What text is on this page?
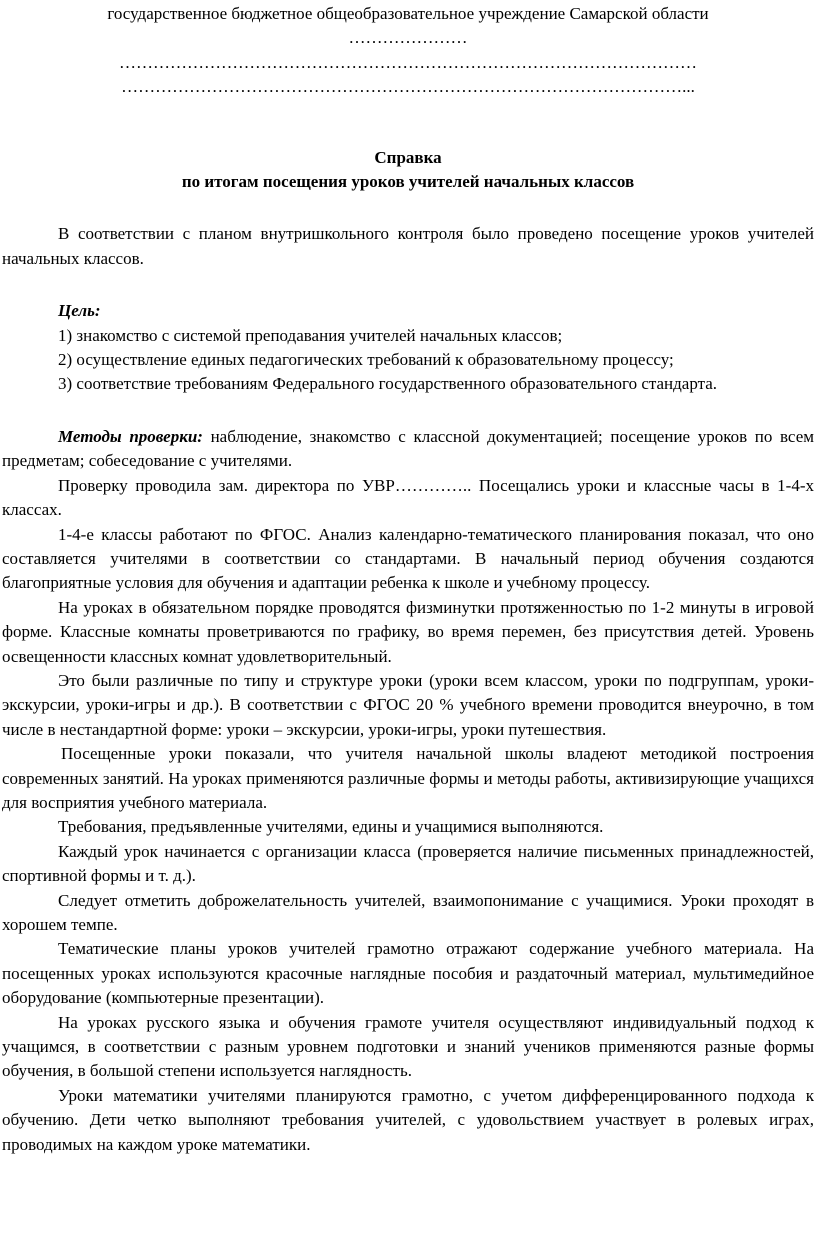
государственное бюджетное общеобразовательное учреждение Самарской области

…………………

…………………………………………………………………………………………

………………………………………………………………………………………...

Справка

по итогам посещения уроков учителей начальных классов

В соответствии с планом внутришкольного контроля было проведено посещение уроков учителей начальных классов.

Цель:

1) знакомство с системой преподавания учителей начальных классов;

2) осуществление единых педагогических требований к образовательному процессу;

3) соответствие требованиям Федерального государственного образовательного стандарта.

Методы проверки: наблюдение, знакомство с классной документацией; посещение уроков по всем предметам; собеседование с учителями.

Проверку проводила зам. директора по УВР………….. Посещались уроки и классные часы в 1-4-х классах.

1-4-е классы работают по ФГОС. Анализ календарно-тематического планирования показал, что оно составляется учителями в соответствии со стандартами. В начальный период обучения создаются благоприятные условия для обучения и адаптации ребенка к школе и учебному процессу.

На уроках в обязательном порядке проводятся физминутки протяженностью по 1-2 минуты в игровой форме. Классные комнаты проветриваются по графику, во время перемен, без присутствия детей. Уровень освещенности классных комнат удовлетворительный.

Это были различные по типу и структуре уроки (уроки всем классом, уроки по подгруппам, уроки-экскурсии, уроки-игры и др.). В соответствии с ФГОС 20 % учебного времени проводится внеурочно, в том числе в нестандартной форме: уроки – экскурсии, уроки-игры, уроки путешествия.

Посещенные уроки показали, что учителя начальной школы владеют методикой построения современных занятий. На уроках применяются различные формы и методы работы, активизирующие учащихся для восприятия учебного материала.

Требования, предъявленные учителями, едины и учащимися выполняются.

Каждый урок начинается с организации класса (проверяется наличие письменных принадлежностей, спортивной формы и т. д.).

Следует отметить доброжелательность учителей, взаимопонимание с учащимися. Уроки проходят в хорошем темпе.

Тематические планы уроков учителей грамотно отражают содержание учебного материала. На посещенных уроках используются красочные наглядные пособия и раздаточный материал, мультимедийное оборудование (компьютерные презентации).

На уроках русского языка и обучения грамоте учителя осуществляют индивидуальный подход к учащимся, в соответствии с разным уровнем подготовки и знаний учеников применяются разные формы обучения, в большой степени используется наглядность.

Уроки математики учителями планируются грамотно, с учетом дифференцированного подхода к обучению. Дети четко выполняют требования учителей, с удовольствием участвует в ролевых играх, проводимых на каждом уроке математики.
